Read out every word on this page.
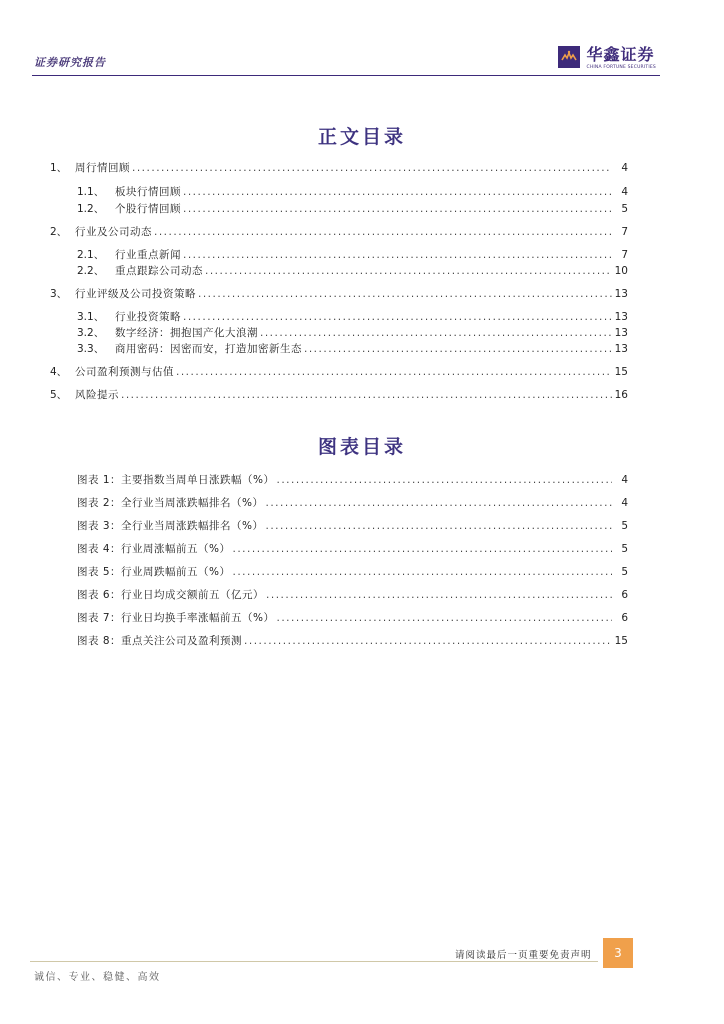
证券研究报告	华鑫证券
CHINA FORTUNE SECURITIES
正文目录
1、 周行情回顾 .....	4
1.1、	板块行情回顾 .....	4
1.2、	个股行情回顾 .....	5
2、 行业及公司动态 .....	7
2.1、	行业重点新闻 .....	7
2.2、	重点跟踪公司动态 .....	10
3、 行业评级及公司投资策略 .....	13
3.1、	行业投资策略 .....	13
3.2、	数字经济：拥抱国产化大浪潮 .....	13
3.3、	商用密码：因密而安，打造加密新生态 .....	13
4、 公司盈利预测与估值 .....	15
5、 风险提示 .....	16
图表目录
图表 1：主要指数当周单日涨跌幅（%） .....	4
图表 2：全行业当周涨跌幅排名（%） .....	4
图表 3：全行业当周涨跌幅排名（%） .....	5
图表 4：行业周涨幅前五（%） .....	5
图表 5：行业周跌幅前五（%） .....	5
图表 6：行业日均成交额前五（亿元） .....	6
图表 7：行业日均换手率涨幅前五（%） .....	6
图表 8：重点关注公司及盈利预测 .....	15
请阅读最后一页重要免责声明	3
诚信、专业、稳健、高效
